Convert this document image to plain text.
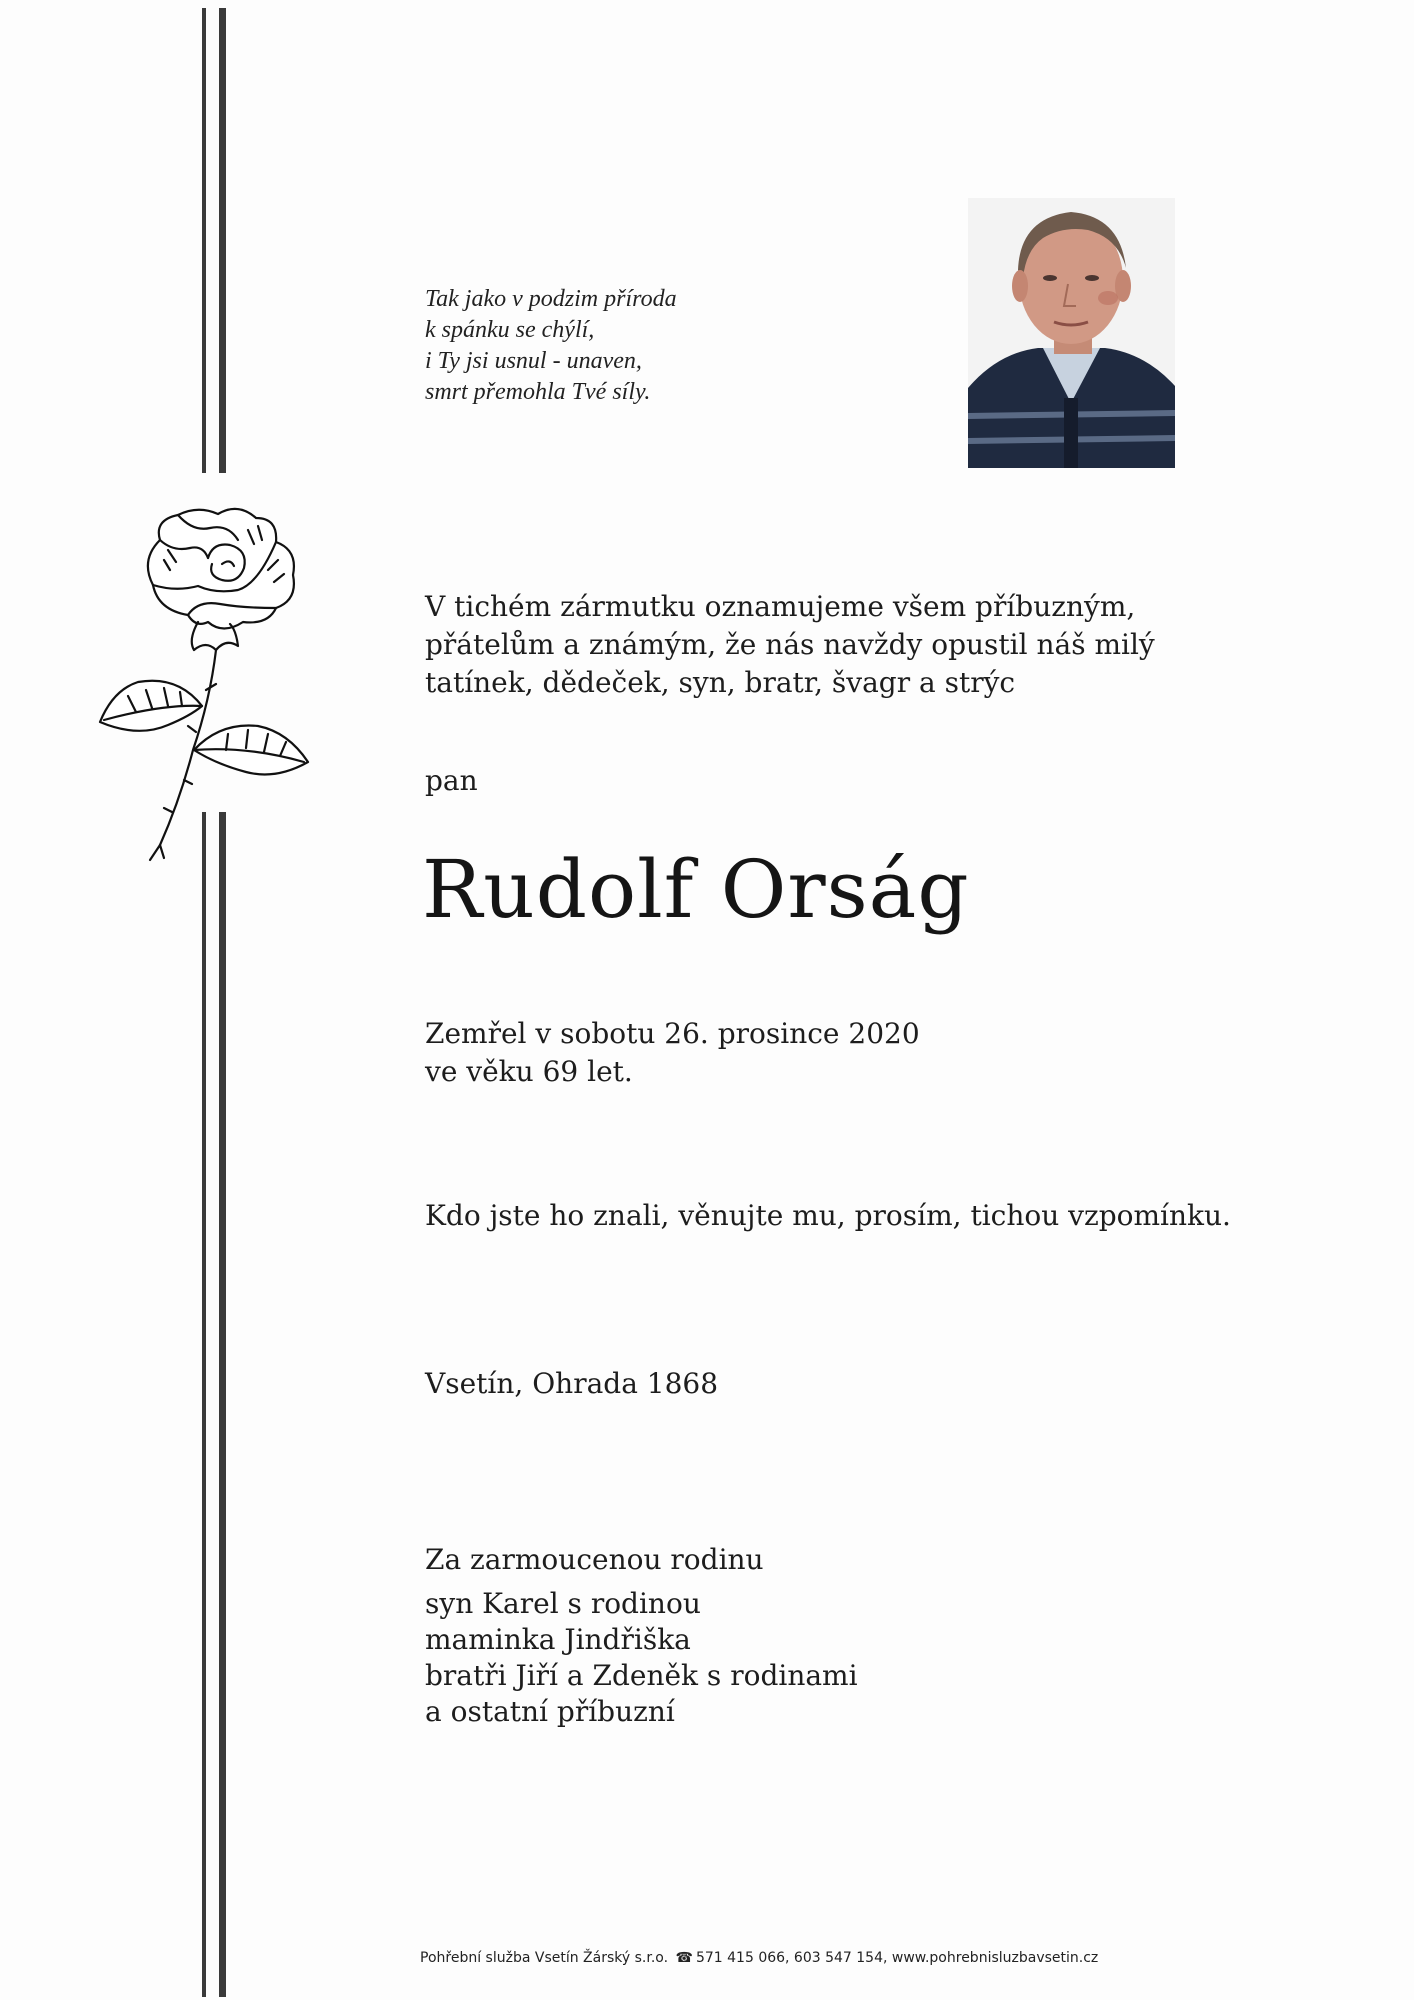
Tak jako v podzim příroda
k spánku se chýlí,
i Ty jsi usnul - unaven,
smrt přemohla Tvé síly.
V tichém zármutku oznamujeme všem příbuzným,
přátelům a známým, že nás navždy opustil náš milý
tatínek, dědeček, syn, bratr, švagr a strýc
pan
Rudolf Orság
Zemřel v sobotu 26. prosince 2020
ve věku 69 let.
Kdo jste ho znali, věnujte mu, prosím, tichou vzpomínku.
Vsetín, Ohrada 1868
Za zarmoucenou rodinu
syn Karel s rodinou
maminka Jindřiška
bratři Jiří a Zdeněk s rodinami
a ostatní příbuzní
Pohřební služba Vsetín Žárský s.r.o. ☎ 571 415 066, 603 547 154, www.pohrebnisluzbavsetin.cz
